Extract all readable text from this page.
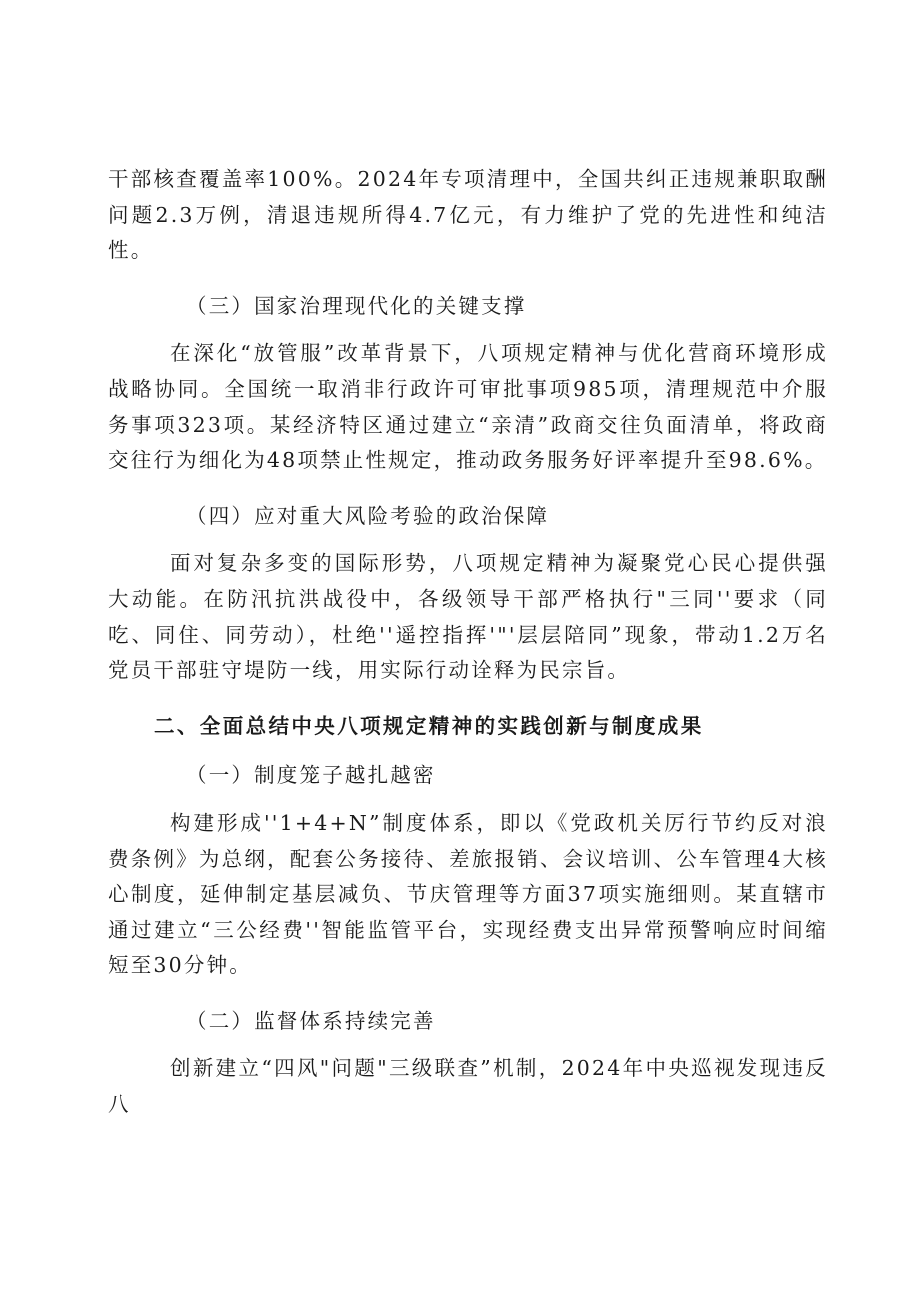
干部核查覆盖率100%。2024年专项清理中，全国共纠正违规兼职取酬问题2.3万例，清退违规所得4.7亿元，有力维护了党的先进性和纯洁性。

（三）国家治理现代化的关键支撑

在深化“放管服”改革背景下，八项规定精神与优化营商环境形成战略协同。全国统一取消非行政许可审批事项985项，清理规范中介服务事项323项。某经济特区通过建立“亲清”政商交往负面清单，将政商交往行为细化为48项禁止性规定，推动政务服务好评率提升至98.6%。

（四）应对重大风险考验的政治保障

面对复杂多变的国际形势，八项规定精神为凝聚党心民心提供强大动能。在防汛抗洪战役中，各级领导干部严格执行"三同''要求（同吃、同住、同劳动），杜绝''遥控指挥'"'层层陪同”现象，带动1.2万名党员干部驻守堤防一线，用实际行动诠释为民宗旨。

二、全面总结中央八项规定精神的实践创新与制度成果

（一）制度笼子越扎越密

构建形成''1+4+N”制度体系，即以《党政机关厉行节约反对浪费条例》为总纲，配套公务接待、差旅报销、会议培训、公车管理4大核心制度，延伸制定基层减负、节庆管理等方面37项实施细则。某直辖市通过建立“三公经费''智能监管平台，实现经费支出异常预警响应时间缩短至30分钟。

（二）监督体系持续完善

创新建立“四风"问题"三级联查”机制，2024年中央巡视发现违反八
